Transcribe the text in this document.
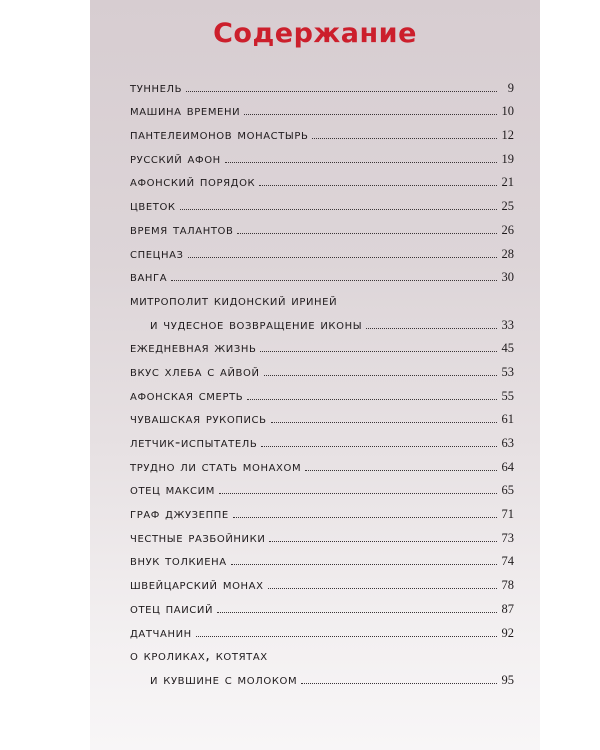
Содержание
туннель	9
машина времени	10
пантелеимонов монастырь	12
русский афон	19
афонский порядок	21
цветок	25
время талантов	26
спецназ	28
ванга	30
митрополит кидонский ириней
и чудесное возвращение иконы	33
ежедневная жизнь	45
вкус хлеба с айвой	53
афонская смерть	55
чувашская рукопись	61
летчик-испытатель	63
трудно ли стать монахом	64
отец максим	65
граф джузеппе	71
честные разбойники	73
внук толкиена	74
швейцарский монах	78
отец паисий	87
датчанин	92
о кроликах, котятах
и кувшине с молоком	95
